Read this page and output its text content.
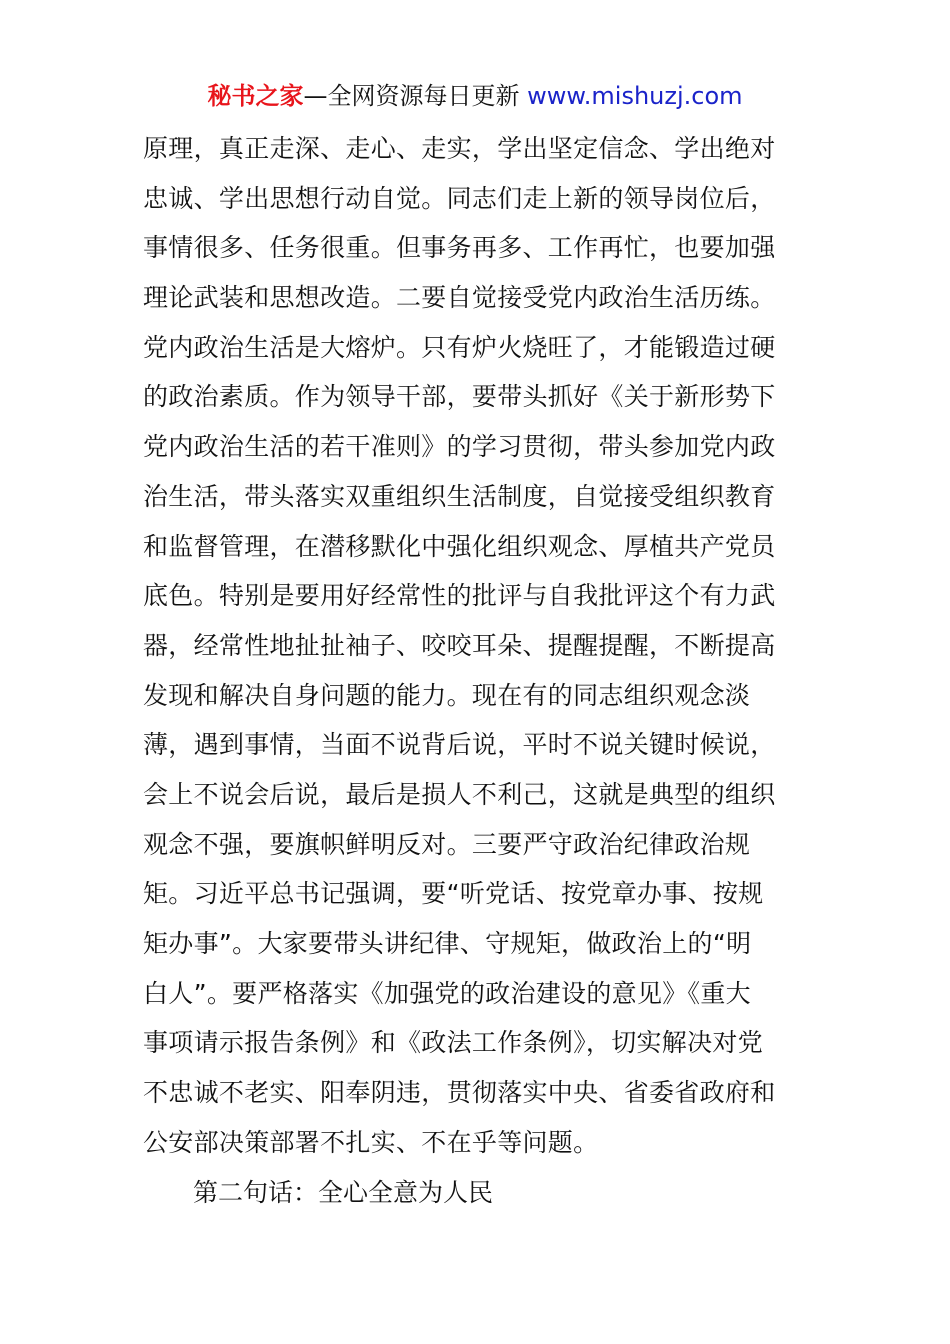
秘书之家—全网资源每日更新 www.mishuzj.com
原理，真正走深、走心、走实，学出坚定信念、学出绝对
忠诚、学出思想行动自觉。同志们走上新的领导岗位后，
事情很多、任务很重。但事务再多、工作再忙，也要加强
理论武装和思想改造。二要自觉接受党内政治生活历练。
党内政治生活是大熔炉。只有炉火烧旺了，才能锻造过硬
的政治素质。作为领导干部，要带头抓好《关于新形势下
党内政治生活的若干准则》的学习贯彻，带头参加党内政
治生活，带头落实双重组织生活制度，自觉接受组织教育
和监督管理，在潜移默化中强化组织观念、厚植共产党员
底色。特别是要用好经常性的批评与自我批评这个有力武
器，经常性地扯扯袖子、咬咬耳朵、提醒提醒，不断提高
发现和解决自身问题的能力。现在有的同志组织观念淡
薄，遇到事情，当面不说背后说，平时不说关键时候说，
会上不说会后说，最后是损人不利己，这就是典型的组织
观念不强，要旗帜鲜明反对。三要严守政治纪律政治规
矩。习近平总书记强调，要“听党话、按党章办事、按规
矩办事”。大家要带头讲纪律、守规矩，做政治上的“明
白人”。要严格落实《加强党的政治建设的意见》《重大
事项请示报告条例》和《政法工作条例》，切实解决对党
不忠诚不老实、阳奉阴违，贯彻落实中央、省委省政府和
公安部决策部署不扎实、不在乎等问题。
第二句话：全心全意为人民
